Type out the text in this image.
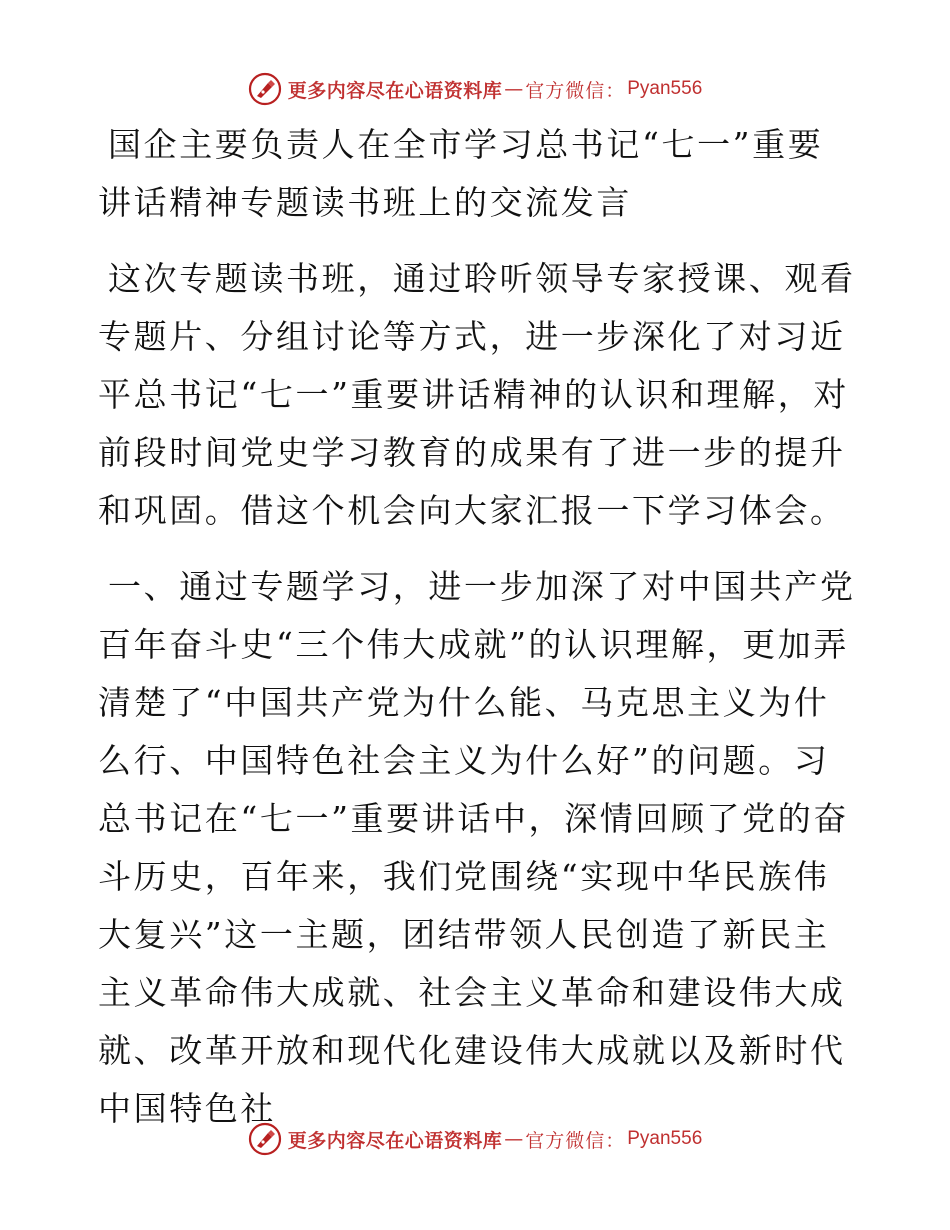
更多内容尽在心语资料库 — 官方微信： Pyan556
国企主要负责人在全市学习总书记“七一”重要讲话精神专题读书班上的交流发言

这次专题读书班，通过聆听领导专家授课、观看专题片、分组讨论等方式，进一步深化了对习近平总书记“七一”重要讲话精神的认识和理解，对前段时间党史学习教育的成果有了进一步的提升和巩固。借这个机会向大家汇报一下学习体会。

一、通过专题学习，进一步加深了对中国共产党百年奋斗史“三个伟大成就”的认识理解，更加弄清楚了“中国共产党为什么能、马克思主义为什么行、中国特色社会主义为什么好”的问题。习总书记在“七一”重要讲话中，深情回顾了党的奋斗历史，百年来，我们党围绕“实现中华民族伟大复兴”这一主题，团结带领人民创造了新民主主义革命伟大成就、社会主义革命和建设伟大成就、改革开放和现代化建设伟大成就以及新时代中国特色社

更多内容尽在心语资料库 — 官方微信： Pyan556
